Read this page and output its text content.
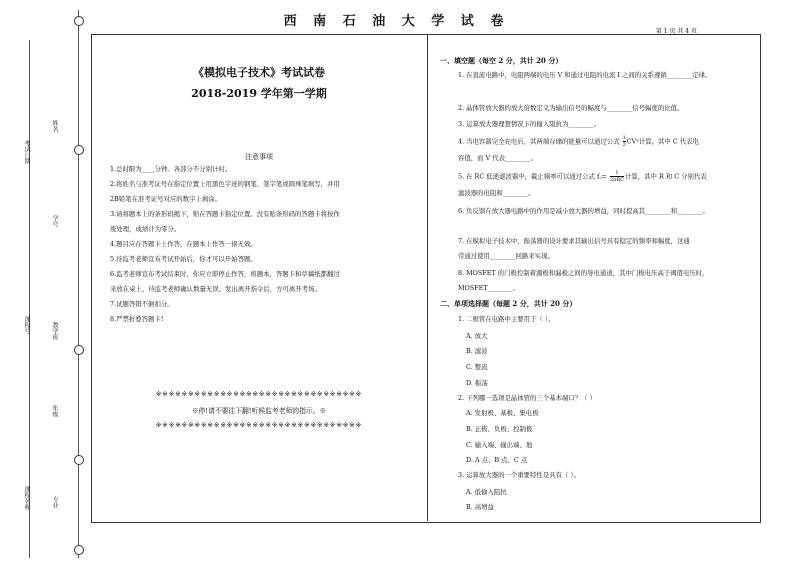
西 南 石 油 大 学 试 卷
第 1 页 共 4 页
姓名
考试日期
学号
教学班
课程号
年级
专业
课程名称
《模拟电子技术》考试试卷
2018-2019 学年第一学期
注意事项
1.总时限为____分钟。各部分不分别计时。
2.将姓名与准考证号在指定位置上用黑色字迹的钢笔、签字笔或圆珠笔填写，并用
2B铅笔在准考证号对应的数字上填涂。
3.请将题本上的条形码揭下，贴在答题卡指定位置。没有贴条形码的答题卡将按作
废处理，成绩计为零分。
4.题目应在答题卡上作答，在题本上作答一律无效。
5.待监考老师宣布考试开始后，你才可以开始答题。
6.监考老师宣布考试结束时，你应立即停止作答，将题本、答题卡和草稿纸都翻过
来放在桌上，待监考老师确认数量无误、发出离开指令后，方可离开考场。
7.试题答错不倒扣分。
8.严禁折叠答题卡!
※※※※※※※※※※※※※※※※※※※※※※※※※※※※※※※※
※停!请不要往下翻!听候监考老师的指示。※
※※※※※※※※※※※※※※※※※※※※※※※※※※※※※※※※
一、填空题（每空 2 分，共计 20 分）
1. 在直流电路中，电阻两端的电压 V 和通过电阻的电流 I 之间的关系遵循________定律。
2. 晶体管放大器的放大倍数定义为输出信号的幅度与________信号幅度的比值。
3. 运算放大器理想情况下的输入阻抗为________。
4. 当电容器完全充电后，其两端存储的能量可以通过公式 $\frac{1}{2} CV^2$计算，其中 C 代表电
容值，而 V 代表________。
5. 在 RC 低通滤波器中，截止频率可以通过公式 f꜀=	1
2πRC 计算，其中 R 和 C 分别代表
滤波器的电阻和________。
6. 负反馈在放大器电路中的作用是减小放大器的增益，同时提高其________和________。
7. 在模拟电子技术中，振荡器的设计要求其输出信号具有稳定的频率和幅度，这通
常通过使用________回路来实现。
8. MOSFET 的门极控制着源极和漏极之间的导电通道，其中门极电压高于阈值电压时，
MOSFET________。
二、单项选择题（每题 2 分，共计 20 分）
1. 二极管在电路中主要用于（ ）。
A. 放大
B. 滤波
C. 整流
D. 振荡
2. 下列哪一选项是晶体管的三个基本端口？（ ）
A. 发射极、基极、集电极
B. 正极、负极、控制极
C. 输入端、输出端、地
D. A 点、B 点、C 点
3. 运算放大器的一个重要特性是具有（ ）。
A. 低输入阻抗
B. 高增益
